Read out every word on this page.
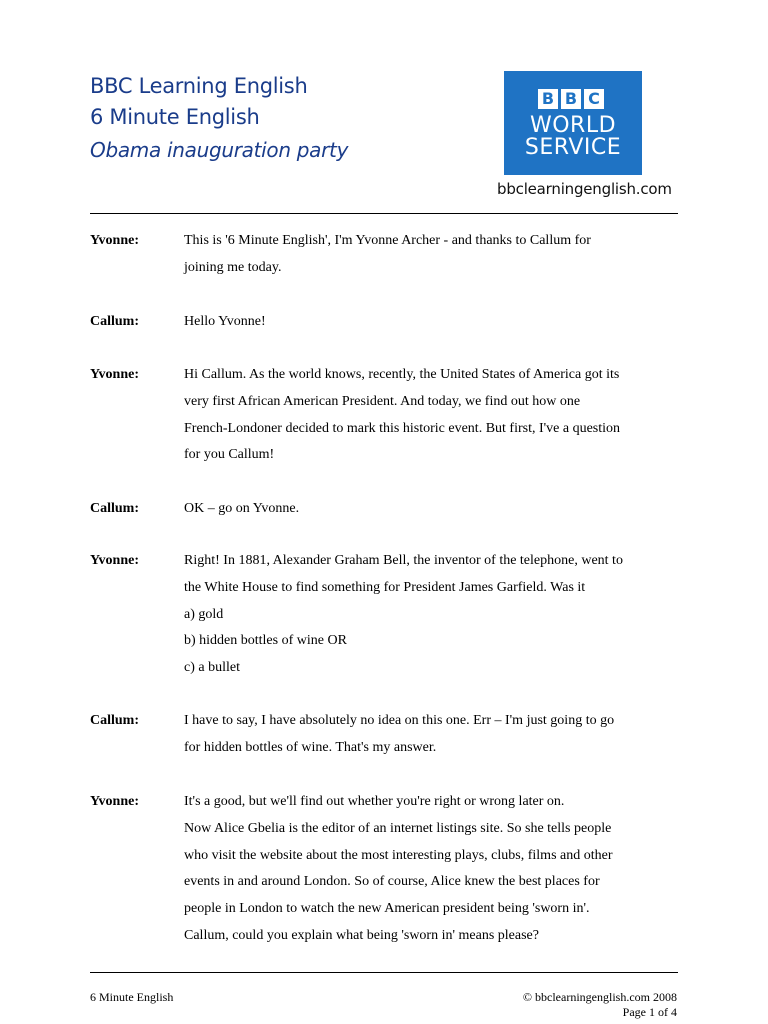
BBC Learning English
6 Minute English
Obama inauguration party
B B C
WORLD
SERVICE
bbclearningenglish.com
Yvonne:	This is '6 Minute English', I'm Yvonne Archer - and thanks to Callum for
joining me today.
Callum:	Hello Yvonne!
Yvonne:	Hi Callum. As the world knows, recently, the United States of America got its
very first African American President. And today, we find out how one
French-Londoner decided to mark this historic event. But first, I've a question
for you Callum!
Callum:	OK – go on Yvonne.
Yvonne:	Right! In 1881, Alexander Graham Bell, the inventor of the telephone, went to
the White House to find something for President James Garfield. Was it
a) gold
b) hidden bottles of wine OR
c) a bullet
Callum:	I have to say, I have absolutely no idea on this one. Err – I'm just going to go
for hidden bottles of wine. That's my answer.
Yvonne:	It's a good, but we'll find out whether you're right or wrong later on.
Now Alice Gbelia is the editor of an internet listings site. So she tells people
who visit the website about the most interesting plays, clubs, films and other
events in and around London. So of course, Alice knew the best places for
people in London to watch the new American president being 'sworn in'.
Callum, could you explain what being 'sworn in' means please?
6 Minute English	© bbclearningenglish.com 2008
Page 1 of 4
